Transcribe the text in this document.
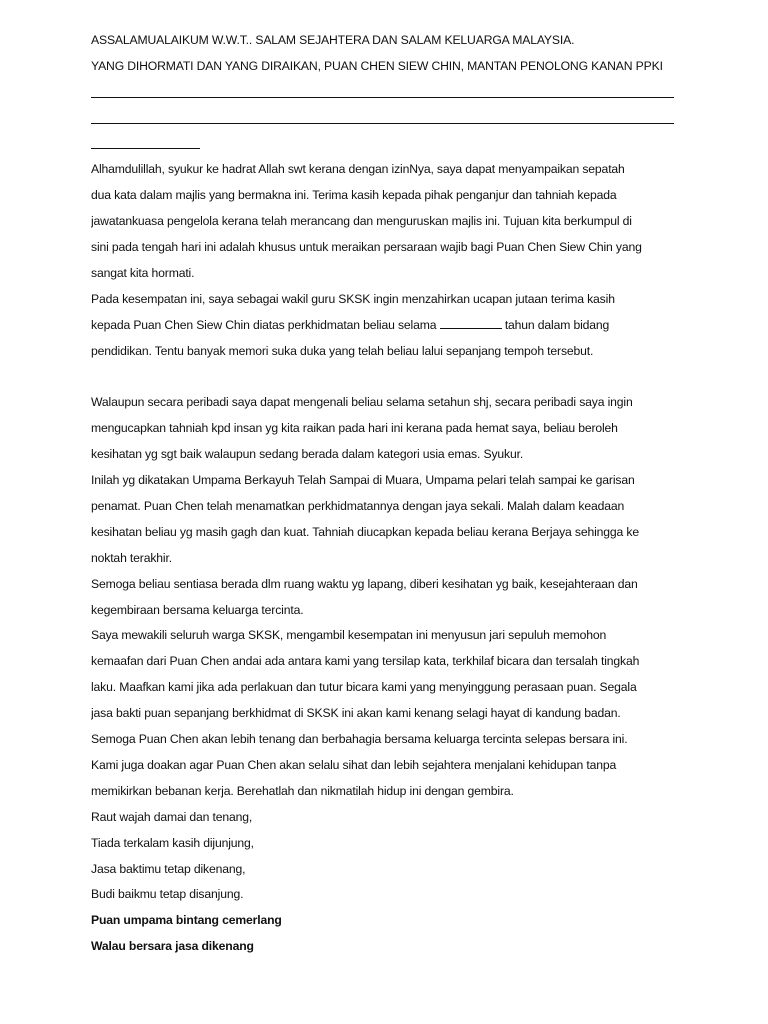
ASSALAMUALAIKUM W.W.T.. SALAM SEJAHTERA DAN SALAM KELUARGA MALAYSIA.
YANG DIHORMATI DAN YANG DIRAIKAN, PUAN CHEN SIEW CHIN, MANTAN PENOLONG KANAN PPKI
Alhamdulillah, syukur ke hadrat Allah swt kerana dengan izinNya, saya dapat menyampaikan sepatah
dua kata dalam majlis yang bermakna ini. Terima kasih kepada pihak penganjur dan tahniah kepada
jawatankuasa pengelola kerana telah merancang dan menguruskan majlis ini. Tujuan kita berkumpul di
sini pada tengah hari ini adalah khusus untuk meraikan persaraan wajib bagi Puan Chen Siew Chin yang
sangat kita hormati.
Pada kesempatan ini, saya sebagai wakil guru SKSK ingin menzahirkan ucapan jutaan terima kasih
kepada Puan Chen Siew Chin diatas perkhidmatan beliau selama	tahun dalam bidang
pendidikan. Tentu banyak memori suka duka yang telah beliau lalui sepanjang tempoh tersebut.
Walaupun secara peribadi saya dapat mengenali beliau selama setahun shj, secara peribadi saya ingin
mengucapkan tahniah kpd insan yg kita raikan pada hari ini kerana pada hemat saya, beliau beroleh
kesihatan yg sgt baik walaupun sedang berada dalam kategori usia emas. Syukur.
Inilah yg dikatakan Umpama Berkayuh Telah Sampai di Muara, Umpama pelari telah sampai ke garisan
penamat. Puan Chen telah menamatkan perkhidmatannya dengan jaya sekali. Malah dalam keadaan
kesihatan beliau yg masih gagh dan kuat. Tahniah diucapkan kepada beliau kerana Berjaya sehingga ke
noktah terakhir.
Semoga beliau sentiasa berada dlm ruang waktu yg lapang, diberi kesihatan yg baik, kesejahteraan dan
kegembiraan bersama keluarga tercinta.
Saya mewakili seluruh warga SKSK, mengambil kesempatan ini menyusun jari sepuluh memohon
kemaafan dari Puan Chen andai ada antara kami yang tersilap kata, terkhilaf bicara dan tersalah tingkah
laku. Maafkan kami jika ada perlakuan dan tutur bicara kami yang menyinggung perasaan puan. Segala
jasa bakti puan sepanjang berkhidmat di SKSK ini akan kami kenang selagi hayat di kandung badan.
Semoga Puan Chen akan lebih tenang dan berbahagia bersama keluarga tercinta selepas bersara ini.
Kami juga doakan agar Puan Chen akan selalu sihat dan lebih sejahtera menjalani kehidupan tanpa
memikirkan bebanan kerja. Berehatlah dan nikmatilah hidup ini dengan gembira.
Raut wajah damai dan tenang,
Tiada terkalam kasih dijunjung,
Jasa baktimu tetap dikenang,
Budi baikmu tetap disanjung.
Puan umpama bintang cemerlang
Walau bersara jasa dikenang
